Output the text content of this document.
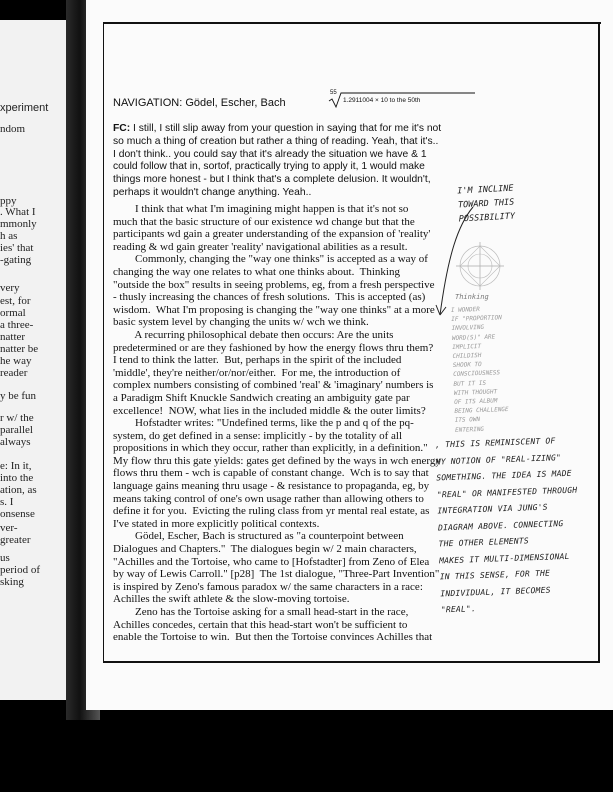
xperiment
ndom
ppy
. What I
mmonly
h as
ies' that
-gating
very
est, for
ormal
a three-
natter
natter be
he way
reader
y be fun
r w/ the
parallel
always
e: In it,
into the
ation, as
s. I
onsense
ver-
greater
us
period of
sking
NAVIGATION: Gödel, Escher, Bach
55
1.2911004 × 10 to the 50th
FC: I still, I still slip away from your question in saying that for me it's not
so much a thing of creation but rather a thing of reading. Yeah, that it's..
I don't think.. you could say that it's already the situation we have & 1
could follow that in, sortof, practically trying to apply it, 1 would make
things more honest - but I think that's a complete delusion. It wouldn't,
perhaps it wouldn't change anything. Yeah..
I think that what I'm imagining might happen is that it's not so
much that the basic structure of our existence wd change but that the
participants wd gain a greater understanding of the expansion of 'reality'
reading & wd gain greater 'reality' navigational abilities as a result.
Commonly, changing the "way one thinks" is accepted as a way of
changing the way one relates to what one thinks about.  Thinking
"outside the box" results in seeing problems, eg, from a fresh perspective
- thusly increasing the chances of fresh solutions.  This is accepted (as)
wisdom.  What I'm proposing is changing the "way one thinks" at a more
basic system level by changing the units w/ wch we think.
A recurring philosophical debate then occurs: Are the units
predetermined or are they fashioned by how the energy flows thru them?
I tend to think the latter.  But, perhaps in the spirit of the included
'middle', they're neither/or/nor/either.  For me, the introduction of
complex numbers consisting of combined 'real' & 'imaginary' numbers is
a Paradigm Shift Knuckle Sandwich creating an ambiguity gate par
excellence!  NOW, what lies in the included middle & the outer limits?
Hofstadter writes: "Undefined terms, like the p and q of the pq-
system, do get defined in a sense: implicitly - by the totality of all
propositions in which they occur, rather than explicitly, in a definition."
My flow thru this gate yields: gates get defined by the ways in wch energy
flows thru them - wch is capable of constant change.  Wch is to say that
language gains meaning thru usage - & resistance to propaganda, eg, by
means taking control of one's own usage rather than allowing others to
define it for you.  Evicting the ruling class from yr mental real estate, as
I've stated in more explicitly political contexts.
Gödel, Escher, Bach is structured as "a counterpoint between
Dialogues and Chapters."  The dialogues begin w/ 2 main characters,
"Achilles and the Tortoise, who came to [Hofstadter] from Zeno of Elea
by way of Lewis Carroll." [p28]  The 1st dialogue, "Three-Part Invention"
is inspired by Zeno's famous paradox w/ the same characters in a race:
Achilles the swift athlete & the slow-moving tortoise.
Zeno has the Tortoise asking for a small head-start in the race,
Achilles concedes, certain that this head-start won't be sufficient to
enable the Tortoise to win.  But then the Tortoise convinces Achilles that
I'M INCLINE
TOWARD THIS
POSSIBILITY
Thinking
I WONDER
IF "PROPORTION
INVOLVING
WORD(S)" ARE
IMPLICIT
CHILDISH
SHOOK TO
CONSCIOUSNESS
BUT IT IS
WITH THOUGHT
OF ITS ALBUM
BEING CHALLENGE
ITS OWN
ENTERING
, THIS IS REMINISCENT OF
MY NOTION OF "REAL-IZING"
SOMETHING. THE IDEA IS MADE
"REAL" OR MANIFESTED THROUGH
INTEGRATION VIA JUNG'S
DIAGRAM ABOVE. CONNECTING
THE OTHER ELEMENTS
MAKES IT MULTI-DIMENSIONAL
IN THIS SENSE, FOR THE
INDIVIDUAL, IT BECOMES
"REAL".
